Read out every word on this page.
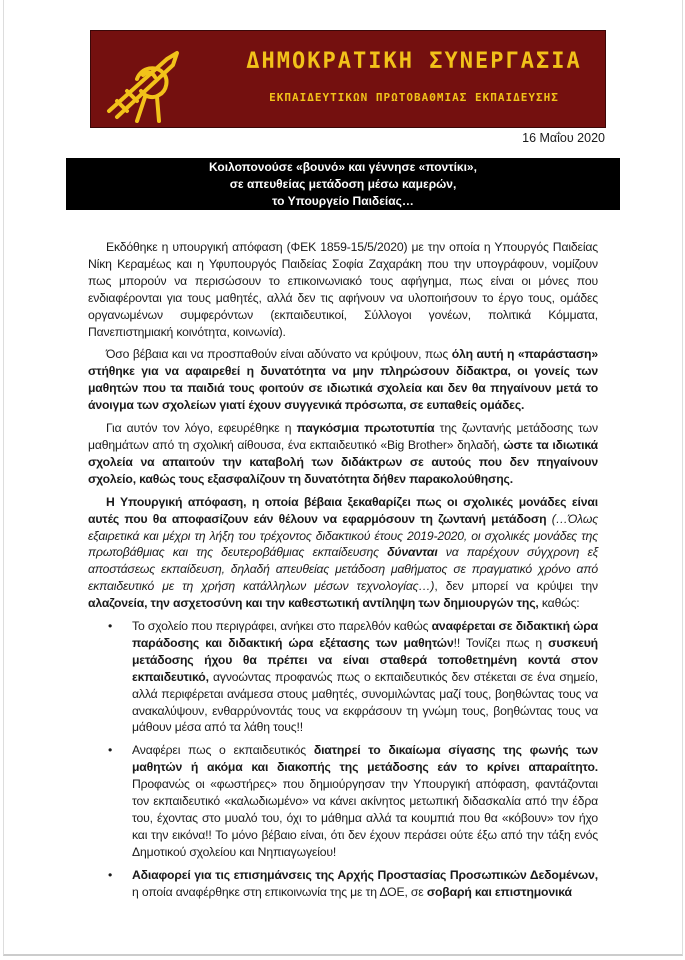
ΔΗΜΟΚΡΑΤΙΚΗ ΣΥΝΕΡΓΑΣΙΑ
ΕΚΠΑΙΔΕΥΤΙΚΩΝ ΠΡΩΤΟΒΑΘΜΙΑΣ ΕΚΠΑΙΔΕΥΣΗΣ
16 Μαΐου 2020
Κοιλοπονούσε «βουνό» και γέννησε «ποντίκι»,
σε απευθείας μετάδοση μέσω καμερών,
το Υπουργείο Παιδείας…

Εκδόθηκε η υπουργική απόφαση (ΦΕΚ 1859-15/5/2020) με την οποία η Υπουργός Παιδείας Νίκη Κεραμέως και η Υφυπουργός Παιδείας Σοφία Ζαχαράκη που την υπογράφουν, νομίζουν πως μπορούν να περισώσουν το επικοινωνιακό τους αφήγημα, πως είναι οι μόνες που ενδιαφέρονται για τους μαθητές, αλλά δεν τις αφήνουν να υλοποιήσουν το έργο τους, ομάδες οργανωμένων συμφερόντων (εκπαιδευτικοί, Σύλλογοι γονέων, πολιτικά Κόμματα, Πανεπιστημιακή κοινότητα, κοινωνία).

Όσο βέβαια και να προσπαθούν είναι αδύνατο να κρύψουν, πως όλη αυτή η «παράσταση» στήθηκε για να αφαιρεθεί η δυνατότητα να μην πληρώσουν δίδακτρα, οι γονείς των μαθητών που τα παιδιά τους φοιτούν σε ιδιωτικά σχολεία και δεν θα πηγαίνουν μετά το άνοιγμα των σχολείων γιατί έχουν συγγενικά πρόσωπα, σε ευπαθείς ομάδες.

Για αυτόν τον λόγο, εφευρέθηκε η παγκόσμια πρωτοτυπία της ζωντανής μετάδοσης των μαθημάτων από τη σχολική αίθουσα, ένα εκπαιδευτικό «Big Brother» δηλαδή, ώστε τα ιδιωτικά σχολεία να απαιτούν την καταβολή των διδάκτρων σε αυτούς που δεν πηγαίνουν σχολείο, καθώς τους εξασφαλίζουν τη δυνατότητα δήθεν παρακολούθησης.

Η Υπουργική απόφαση, η οποία βέβαια ξεκαθαρίζει πως οι σχολικές μονάδες είναι αυτές που θα αποφασίζουν εάν θέλουν να εφαρμόσουν τη ζωντανή μετάδοση (…Όλως εξαιρετικά και μέχρι τη λήξη του τρέχοντος διδακτικού έτους 2019-2020, οι σχολικές μονάδες της πρωτοβάθμιας και της δευτεροβάθμιας εκπαίδευσης δύνανται να παρέχουν σύγχρονη εξ αποστάσεως εκπαίδευση, δηλαδή απευθείας μετάδοση μαθήματος σε πραγματικό χρόνο από εκπαιδευτικό με τη χρήση κατάλληλων μέσων τεχνολογίας…), δεν μπορεί να κρύψει την αλαζονεία, την ασχετοσύνη και την καθεστωτική αντίληψη των δημιουργών της, καθώς:

• Το σχολείο που περιγράφει, ανήκει στο παρελθόν καθώς αναφέρεται σε διδακτική ώρα παράδοσης και διδακτική ώρα εξέτασης των μαθητών!! Τονίζει πως η συσκευή μετάδοσης ήχου θα πρέπει να είναι σταθερά τοποθετημένη κοντά στον εκπαιδευτικό, αγνοώντας προφανώς πως ο εκπαιδευτικός δεν στέκεται σε ένα σημείο, αλλά περιφέρεται ανάμεσα στους μαθητές, συνομιλώντας μαζί τους, βοηθώντας τους να ανακαλύψουν, ενθαρρύνοντάς τους να εκφράσουν τη γνώμη τους, βοηθώντας τους να μάθουν μέσα από τα λάθη τους!!
• Αναφέρει πως ο εκπαιδευτικός διατηρεί το δικαίωμα σίγασης της φωνής των μαθητών ή ακόμα και διακοπής της μετάδοσης εάν το κρίνει απαραίτητο. Προφανώς οι «φωστήρες» που δημιούργησαν την Υπουργική απόφαση, φαντάζονται τον εκπαιδευτικό «καλωδιωμένο» να κάνει ακίνητος μετωπική διδασκαλία από την έδρα του, έχοντας στο μυαλό του, όχι το μάθημα αλλά τα κουμπιά που θα «κόβουν» τον ήχο και την εικόνα!! Το μόνο βέβαιο είναι, ότι δεν έχουν περάσει ούτε έξω από την τάξη ενός Δημοτικού σχολείου και Νηπιαγωγείου!
• Αδιαφορεί για τις επισημάνσεις της Αρχής Προστασίας Προσωπικών Δεδομένων, η οποία αναφέρθηκε στη επικοινωνία της με τη ΔΟΕ, σε σοβαρή και επιστημονικά
